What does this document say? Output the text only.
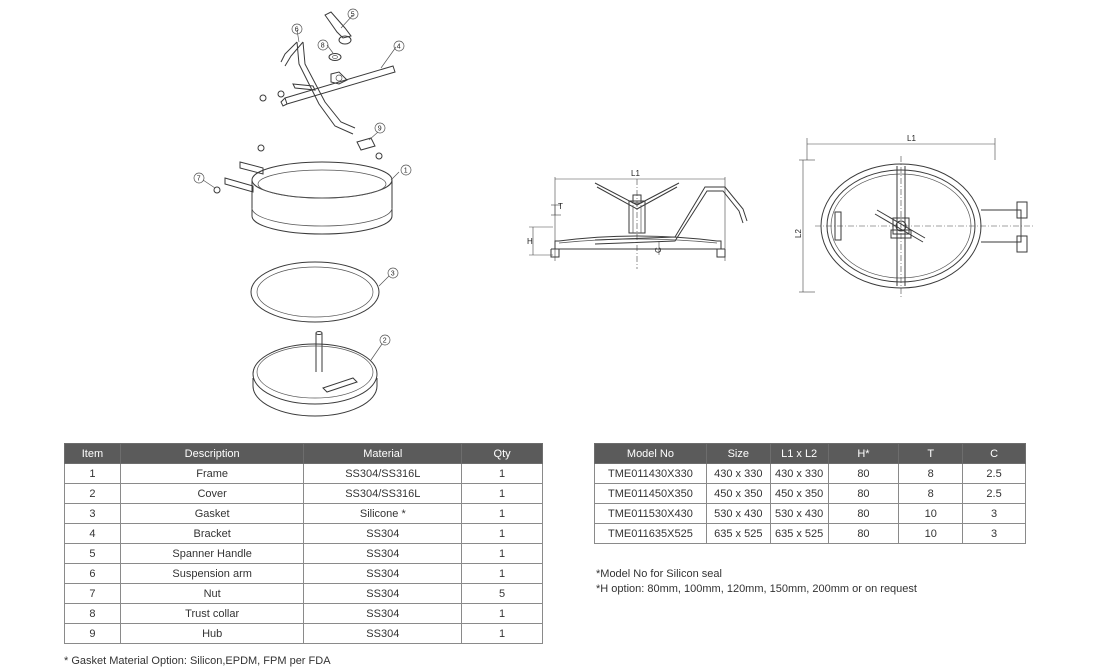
5
6
8	4
9
1
7
3
2
L1
T
H
C
L1
L2
Item	Description	Material	Qty
1	Frame	SS304/SS316L	1
2	Cover	SS304/SS316L	1
3	Gasket	Silicone *	1
4	Bracket	SS304	1
5	Spanner Handle	SS304	1
6	Suspension arm	SS304	1
7	Nut	SS304	5
8	Trust collar	SS304	1
9	Hub	SS304	1
Model No	Size	L1 x L2	H*	T	C
TME011430X330	430 x 330	430 x 330	80	8	2.5
TME011450X350	450 x 350	450 x 350	80	8	2.5
TME011530X430	530 x 430	530 x 430	80	10	3
TME011635X525	635 x 525	635 x 525	80	10	3
*Model No for Silicon seal
*H option: 80mm, 100mm, 120mm, 150mm, 200mm or on request
* Gasket Material Option: Silicon,EPDM, FPM per FDA
